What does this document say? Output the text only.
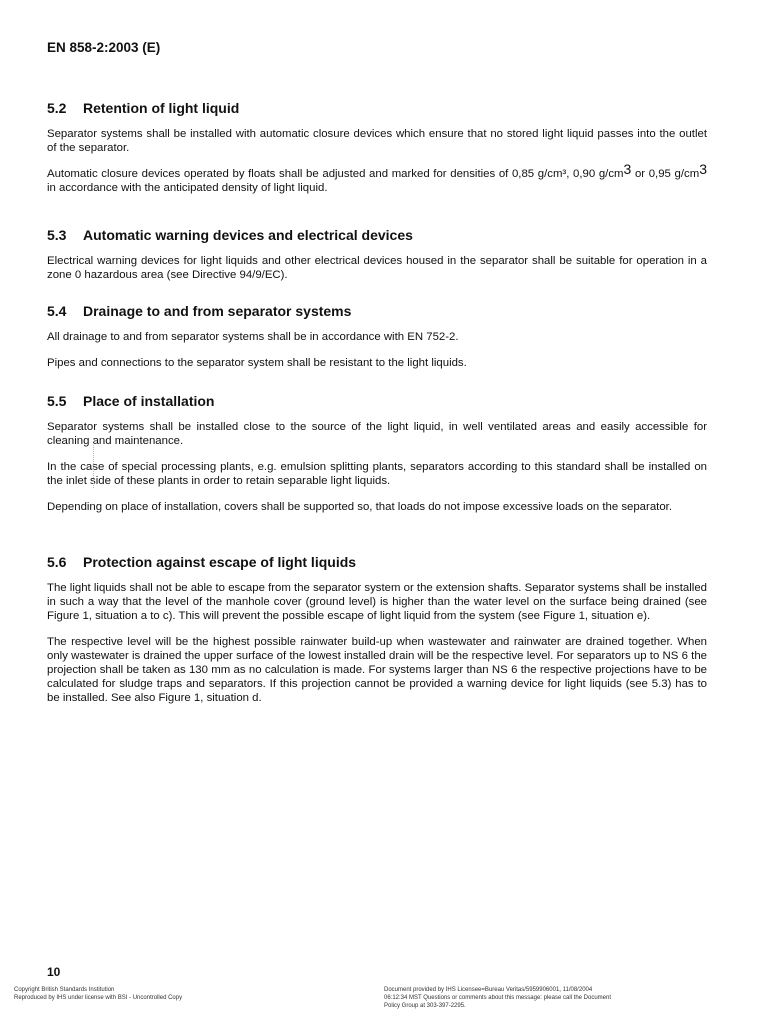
EN 858-2:2003 (E)
5.2 Retention of light liquid

Separator systems shall be installed with automatic closure devices which ensure that no stored light liquid passes into the outlet of the separator.

Automatic closure devices operated by floats shall be adjusted and marked for densities of 0,85 g/cm³, 0,90 g/cm3 or 0,95 g/cm3 in accordance with the anticipated density of light liquid.

5.3 Automatic warning devices and electrical devices

Electrical warning devices for light liquids and other electrical devices housed in the separator shall be suitable for operation in a zone 0 hazardous area (see Directive 94/9/EC).

5.4 Drainage to and from separator systems

All drainage to and from separator systems shall be in accordance with EN 752-2.

Pipes and connections to the separator system shall be resistant to the light liquids.

5.5 Place of installation

Separator systems shall be installed close to the source of the light liquid, in well ventilated areas and easily accessible for cleaning and maintenance.

In the case of special processing plants, e.g. emulsion splitting plants, separators according to this standard shall be installed on the inlet side of these plants in order to retain separable light liquids.

Depending on place of installation, covers shall be supported so, that loads do not impose excessive loads on the separator.

5.6 Protection against escape of light liquids

The light liquids shall not be able to escape from the separator system or the extension shafts. Separator systems shall be installed in such a way that the level of the manhole cover (ground level) is higher than the water level on the surface being drained (see Figure 1, situation a to c). This will prevent the possible escape of light liquid from the system (see Figure 1, situation e).

The respective level will be the highest possible rainwater build-up when wastewater and rainwater are drained together. When only wastewater is drained the upper surface of the lowest installed drain will be the respective level. For separators up to NS 6 the projection shall be taken as 130 mm as no calculation is made. For systems larger than NS 6 the respective projections have to be calculated for sludge traps and separators. If this projection cannot be provided a warning device for light liquids (see 5.3) has to be installed. See also Figure 1, situation d.

10
Copyright British Standards Institution
Reproduced by IHS under license with BSI - Uncontrolled Copy
Document provided by IHS Licensee=Bureau Veritas/5959906001, 11/08/2004
06:12:34 MST Questions or comments about this message: please call the Document
Policy Group at 303-397-2295.
